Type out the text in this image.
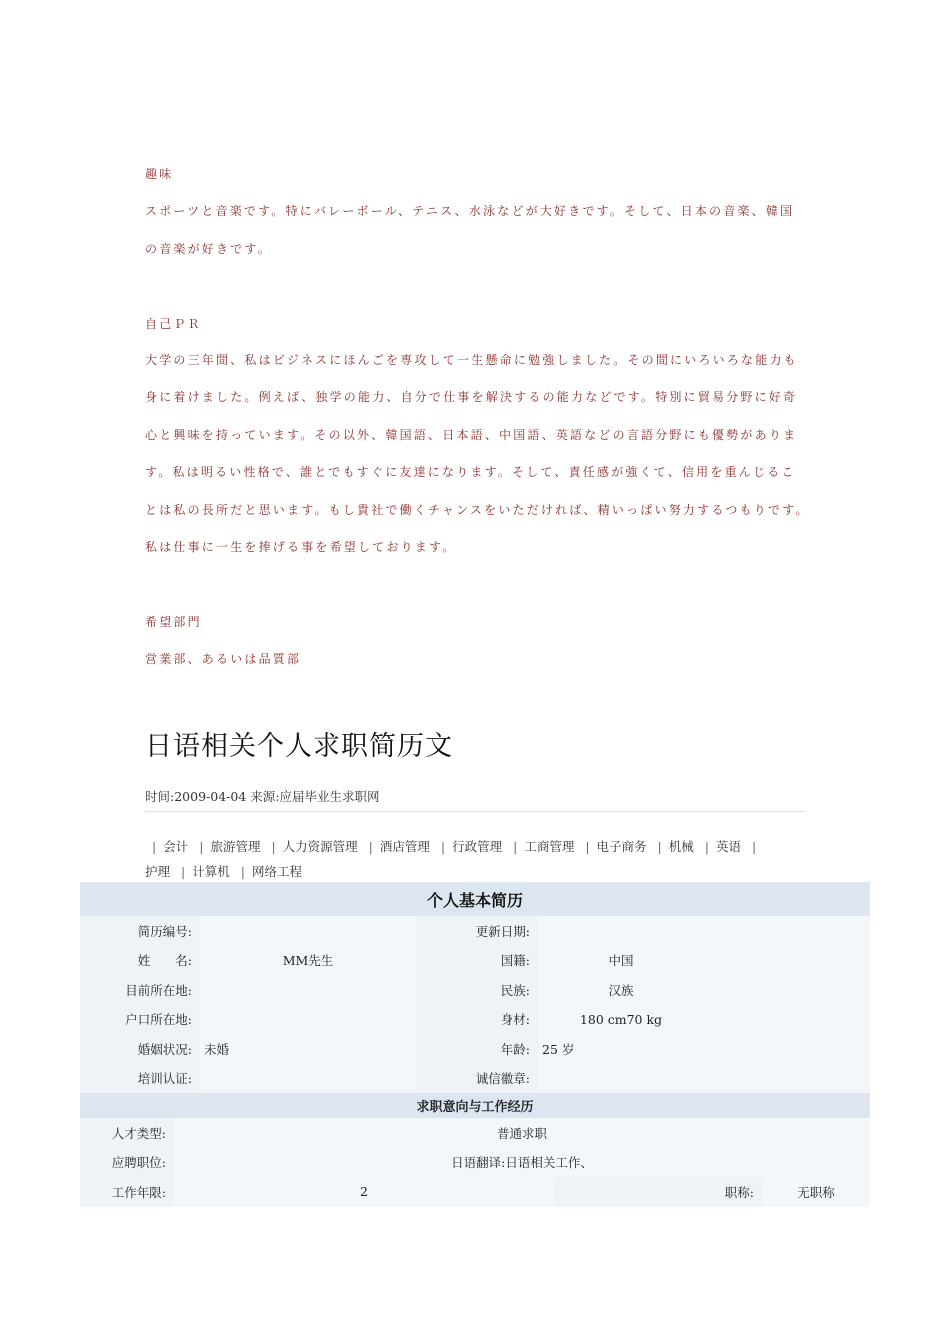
趣味
スポーツと音楽です。特にバレーボール、テニス、水泳などが大好きです。そして、日本の音楽、韓国
の音楽が好きです。
自己ＰＲ
大学の三年間、私はビジネスにほんごを専攻して一生懸命に勉強しました。その間にいろいろな能力も
身に着けました。例えば、独学の能力、自分で仕事を解決するの能力などです。特別に貿易分野に好奇
心と興味を持っています。その以外、韓国語、日本語、中国語、英語などの言語分野にも優勢がありま
す。私は明るい性格で、誰とでもすぐに友達になります。そして、責任感が強くて、信用を重んじるこ
とは私の長所だと思います。もし貴社で働くチャンスをいただければ、精いっぱい努力するつもりです。
私は仕事に一生を捧げる事を希望しております。
希望部門
営業部、あるいは品質部
日语相关个人求职简历文
时间:2009-04-04 来源:应届毕业生求职网
| 会计 | 旅游管理 | 人力资源管理 | 酒店管理 | 行政管理 | 工商管理 | 电子商务 | 机械 | 英语 |
护理 | 计算机 | 网络工程
个人基本简历
简历编号:	更新日期:
姓　　名:	MM先生	国籍:	中国
目前所在地:	民族:	汉族
户口所在地:	身材:	180 cm70 kg
婚姻状况: 未婚	年龄: 25 岁
培训认证:	诚信徽章:
求职意向与工作经历
人才类型:	普通求职
应聘职位:	日语翻译:日语相关工作、
工作年限:	2	职称:	无职称
